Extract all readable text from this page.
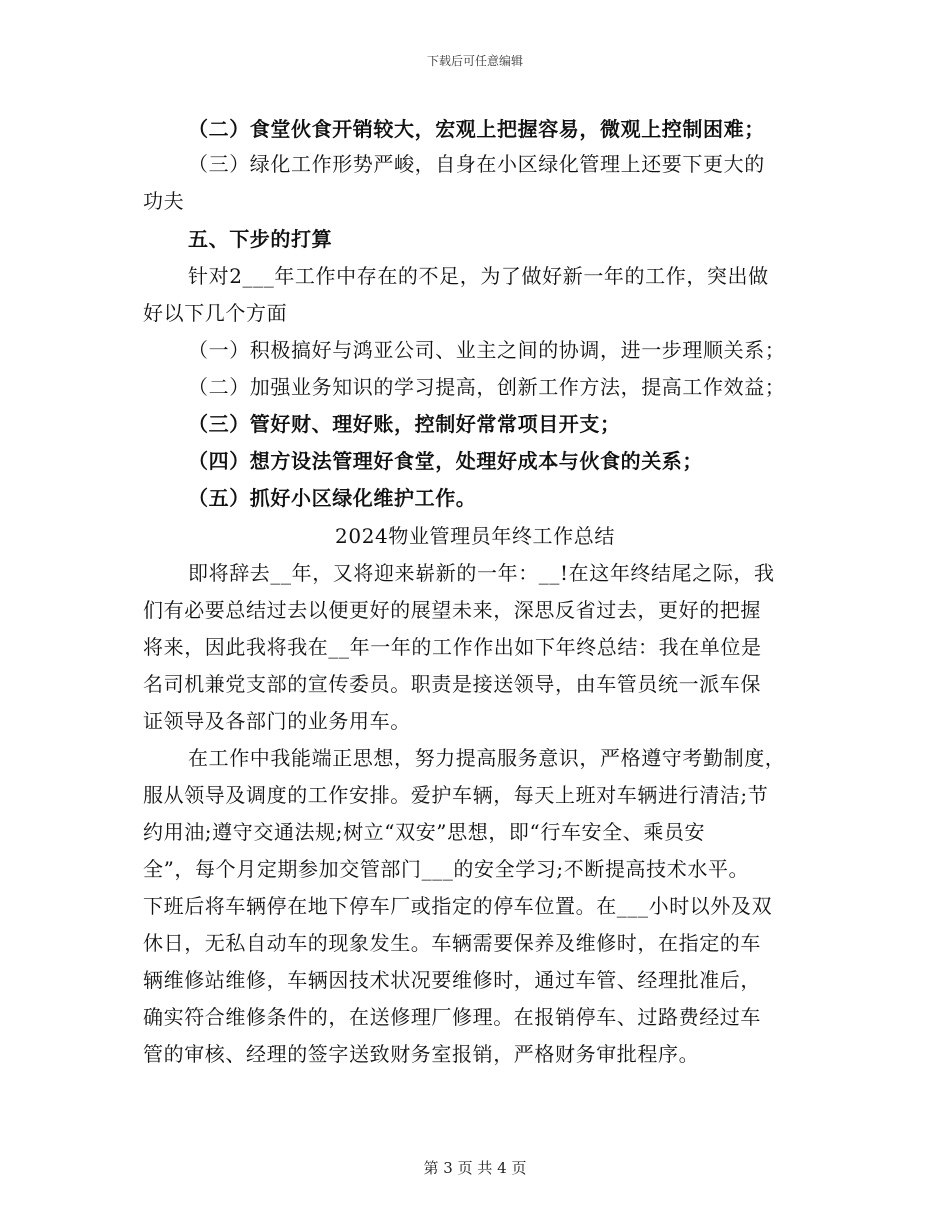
下载后可任意编辑
（二）食堂伙食开销较大，宏观上把握容易，微观上控制困难；
（三）绿化工作形势严峻，自身在小区绿化管理上还要下更大的
功夫
五、下步的打算
针对2___年工作中存在的不足，为了做好新一年的工作，突出做
好以下几个方面
（一）积极搞好与鸿亚公司、业主之间的协调，进一步理顺关系；
（二）加强业务知识的学习提高，创新工作方法，提高工作效益；
（三）管好财、理好账，控制好常常项目开支；
（四）想方设法管理好食堂，处理好成本与伙食的关系；
（五）抓好小区绿化维护工作。
2024物业管理员年终工作总结
即将辞去__年，又将迎来崭新的一年：__!在这年终结尾之际，我
们有必要总结过去以便更好的展望未来，深思反省过去，更好的把握
将来，因此我将我在__年一年的工作作出如下年终总结：我在单位是
名司机兼党支部的宣传委员。职责是接送领导，由车管员统一派车保
证领导及各部门的业务用车。
在工作中我能端正思想，努力提高服务意识，严格遵守考勤制度，
服从领导及调度的工作安排。爱护车辆，每天上班对车辆进行清洁;节
约用油;遵守交通法规;树立“双安”思想，即“行车安全、乘员安
全”，每个月定期参加交管部门___的安全学习;不断提高技术水平。
下班后将车辆停在地下停车厂或指定的停车位置。在___小时以外及双
休日，无私自动车的现象发生。车辆需要保养及维修时，在指定的车
辆维修站维修，车辆因技术状况要维修时，通过车管、经理批准后，
确实符合维修条件的，在送修理厂修理。在报销停车、过路费经过车
管的审核、经理的签字送致财务室报销，严格财务审批程序。
第 3 页 共 4 页
